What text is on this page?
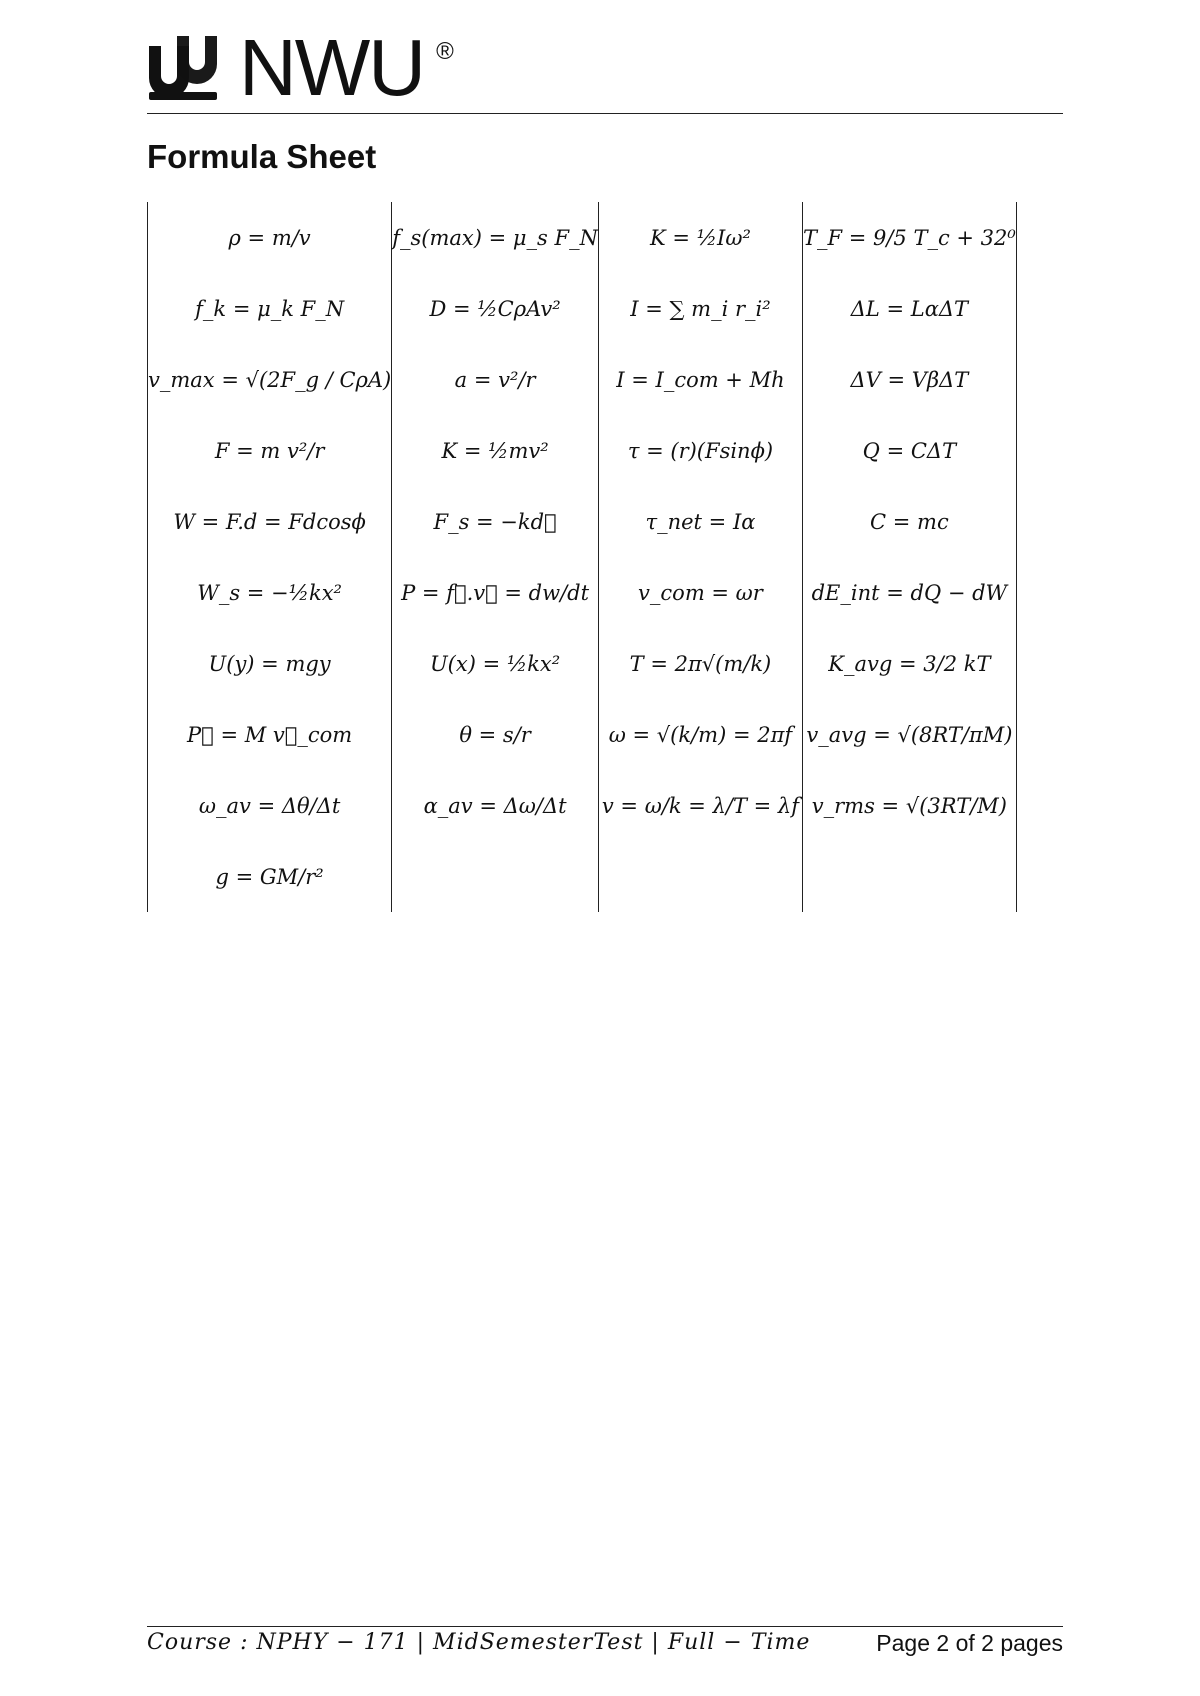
NWU ®
Formula Sheet
ρ = m/v	f_s(max) = μ_s F_N	K = ½Iω²	T_F = 9/5 T_c + 32⁰
f_k = μ_k F_N	D = ½CρAv²	I = ∑ m_i r_i²	ΔL = LαΔT
v_max = √(2F_g / CρA)	a = v²/r	I = I_com + Mh	ΔV = VβΔT
F = m v²/r	K = ½mv²	τ = (r)(Fsinϕ)	Q = CΔT
W = F.d = Fdcosϕ	F_s = −kd⃗	τ_net = Iα	C = mc
W_s = −½kx²	P = f⃗.v⃗ = dw/dt	v_com = ωr	dE_int = dQ − dW
U(y) = mgy	U(x) = ½kx²	T = 2π√(m/k)	K_avg = 3/2 kT
P⃗ = M v⃗_com	θ = s/r	ω = √(k/m) = 2πf	v_avg = √(8RT/πM)
ω_av = Δθ/Δt	α_av = Δω/Δt	v = ω/k = λ/T = λf	v_rms = √(3RT/M)
g = GM/r²			
Course : NPHY − 171 | MidSemesterTest | Full − Time	Page 2 of 2 pages
